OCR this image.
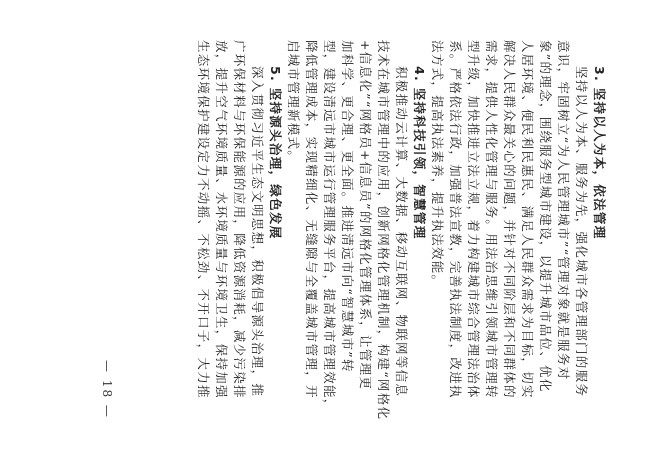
3. 坚持以人为本，依法管理
坚持以人为本、服务为先，强化城市各管理部门的服务
意识，牢固树立“为人民管理城市”“管理对象就是服务对
象”的理念，围绕服务型城市建设，以提升城市品位、优化
人居环境、便民利民惠民、满足人民群众需求为目标，切实
解决人民群众最关心的问题，并针对不同阶层和不同群体的
需求，提供人性化管理与服务。用法治思维引领城市管理转
型升级，加快推进立法立规，着力构建城市综合管理法治体
系。严格依法行政，加强普法宣教，完善执法制度，改进执
法方式，提高执法素养，提升执法效能。
4. 坚持科技引领，智慧管理
积极推动云计算、大数据、移动互联网、物联网等信息
技术在城市管理中的应用，创新网格化管理机制，构建“网格化
+信息化”“网格员+信息员”的网格化管理体系，让管理更
加科学、更合理、更全面。推进清远市向“智慧城市”转
型，建设清远市城市运行管理服务平台，提高城市管理效能，
降低管理成本，实现精细化、无缝隙与全覆盖城市管理，开
启城市管理新模式。
5. 坚持源头治理，绿色发展
深入贯彻习近平生态文明思想，积极倡导源头治理，推
广环保材料与环保能源的应用，降低资源消耗，减少污染排
放，提升空气环境质量、水环境质量与环境卫生，保持加强
生态环境保护建设定力不动摇、不松劲、不开口子，大力推
— 18 —
